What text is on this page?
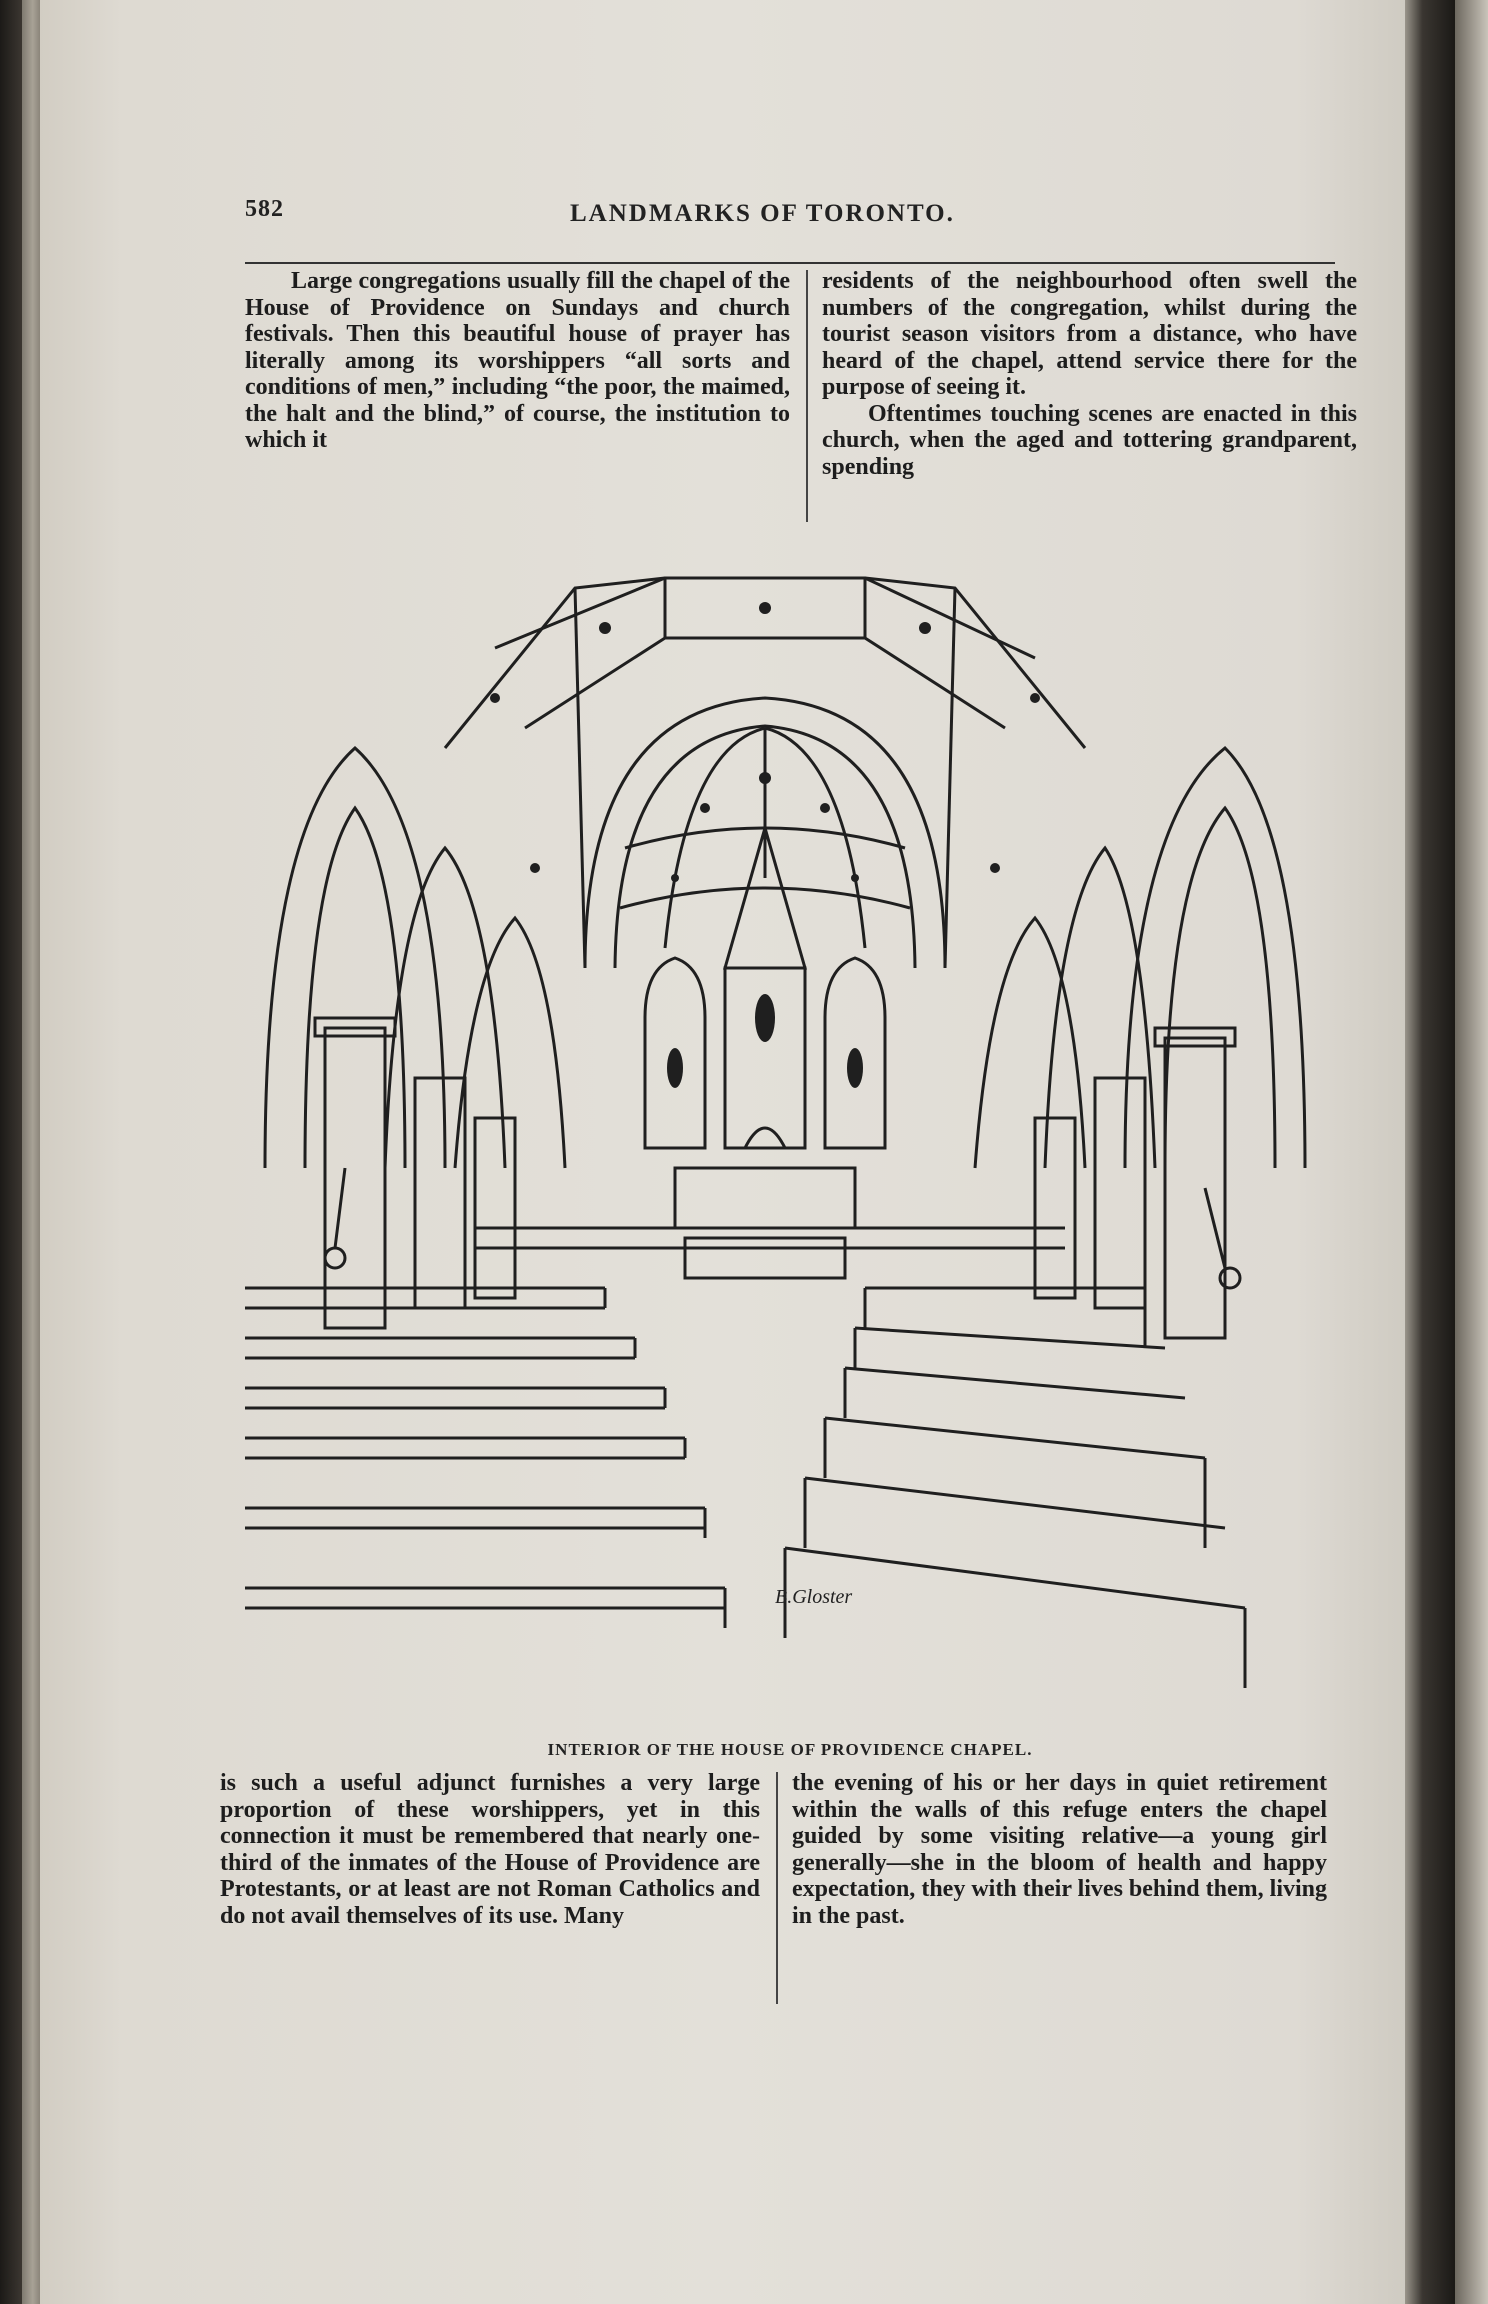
582	LANDMARKS OF TORONTO.

Large congregations usually fill the chapel of the House of Providence on Sundays and church festivals. Then this beautiful house of prayer has literally among its worshippers “all sorts and conditions of men,” including “the poor, the maimed, the halt and the blind,” of course, the institution to which it

residents of the neighbourhood often swell the numbers of the congregation, whilst during the tourist season visitors from a distance, who have heard of the chapel, attend service there for the purpose of seeing it.

Oftentimes touching scenes are enacted in this church, when the aged and tottering grandparent, spending

B.Gloster
INTERIOR OF THE HOUSE OF PROVIDENCE CHAPEL.

is such a useful adjunct furnishes a very large proportion of these worshippers, yet in this connection it must be remembered that nearly one-third of the inmates of the House of Providence are Protestants, or at least are not Roman Catholics and do not avail themselves of its use. Many

the evening of his or her days in quiet retirement within the walls of this refuge enters the chapel guided by some visiting relative—a young girl generally—she in the bloom of health and happy expectation, they with their lives behind them, living in the past.
